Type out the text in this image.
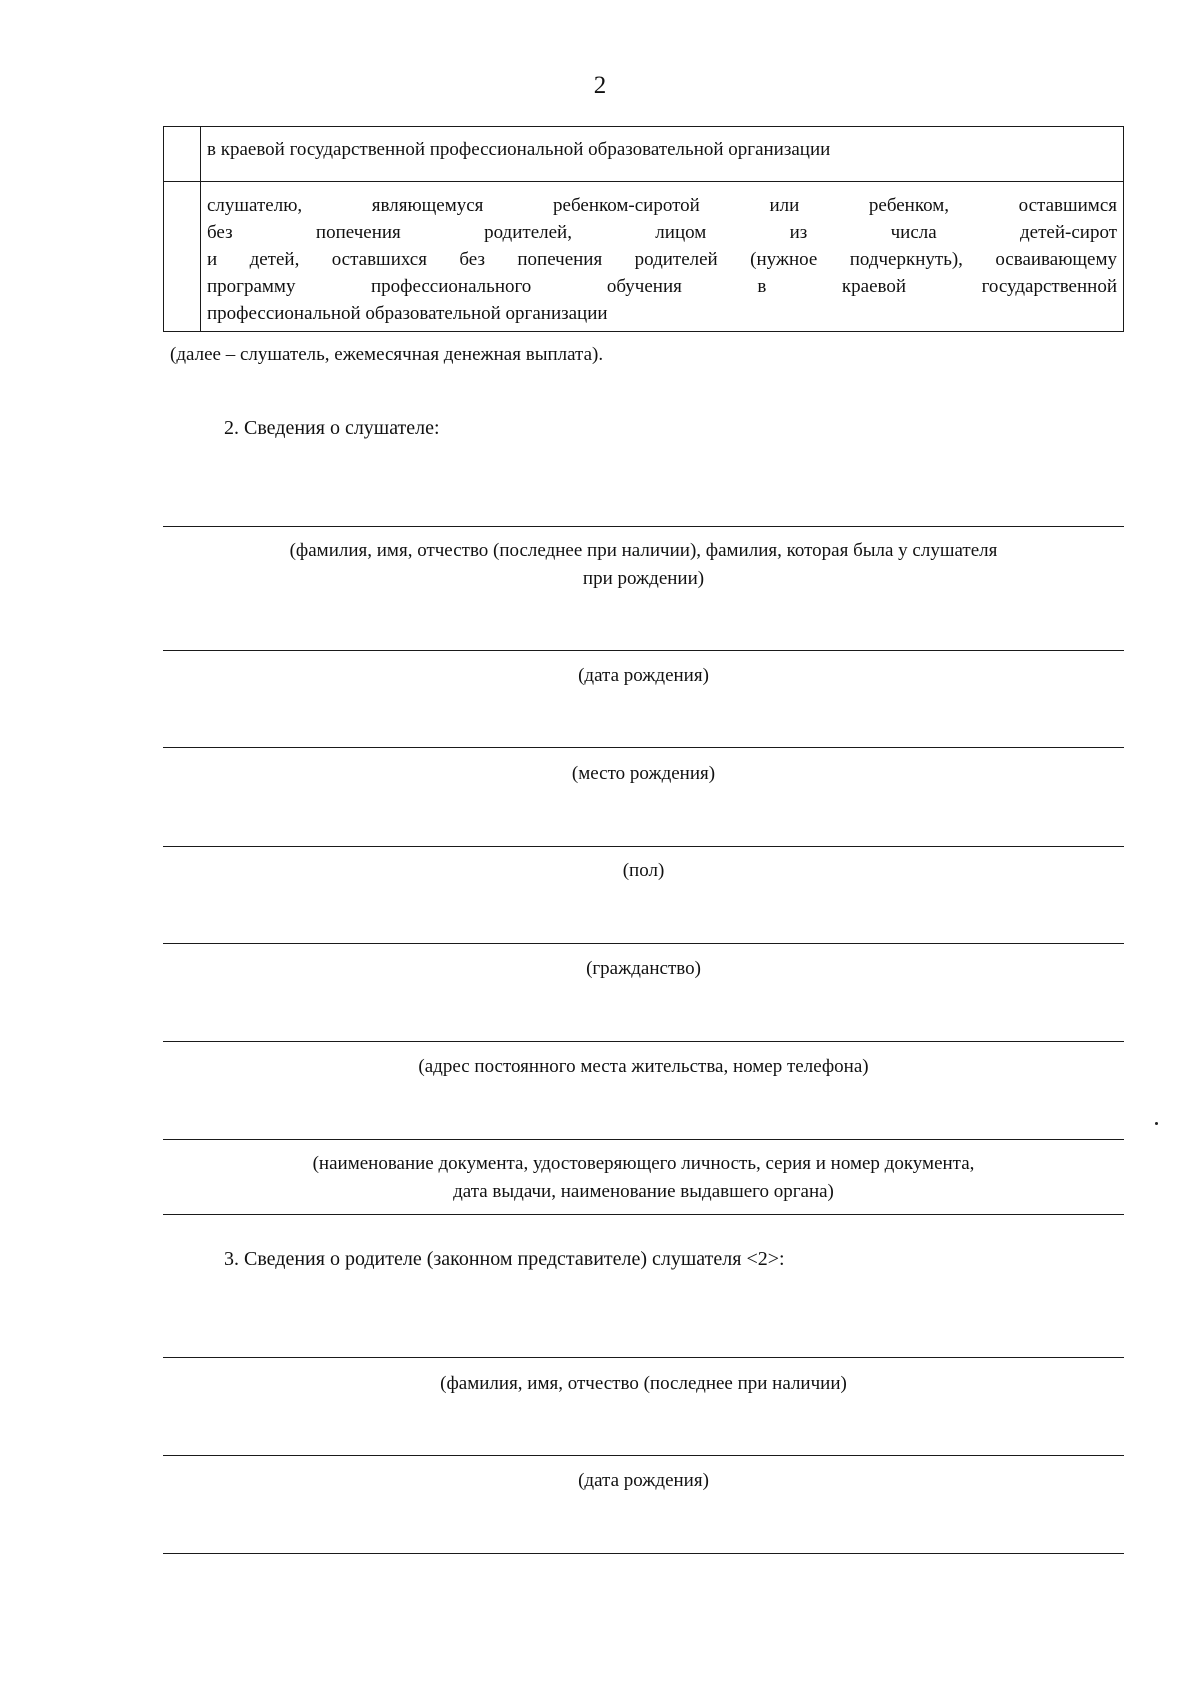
2
	в краевой государственной профессиональной образовательной организации

	слушателю, являющемуся ребенком-сиротой или ребенком, оставшимся
без попечения родителей, лицом из числа детей-сирот
и детей, оставшихся без попечения родителей (нужное подчеркнуть), осваивающему
программу профессионального обучения в краевой государственной
профессиональной образовательной организации
(далее – слушатель, ежемесячная денежная выплата).
2. Сведения о слушателе:
(фамилия, имя, отчество (последнее при наличии), фамилия, которая была у слушателя
при рождении)
(дата рождения)
(место рождения)
(пол)
(гражданство)
(адрес постоянного места жительства, номер телефона)
(наименование документа, удостоверяющего личность, серия и номер документа,
дата выдачи, наименование выдавшего органа)
3. Сведения о родителе (законном представителе) слушателя <2>:
(фамилия, имя, отчество (последнее при наличии)
(дата рождения)
